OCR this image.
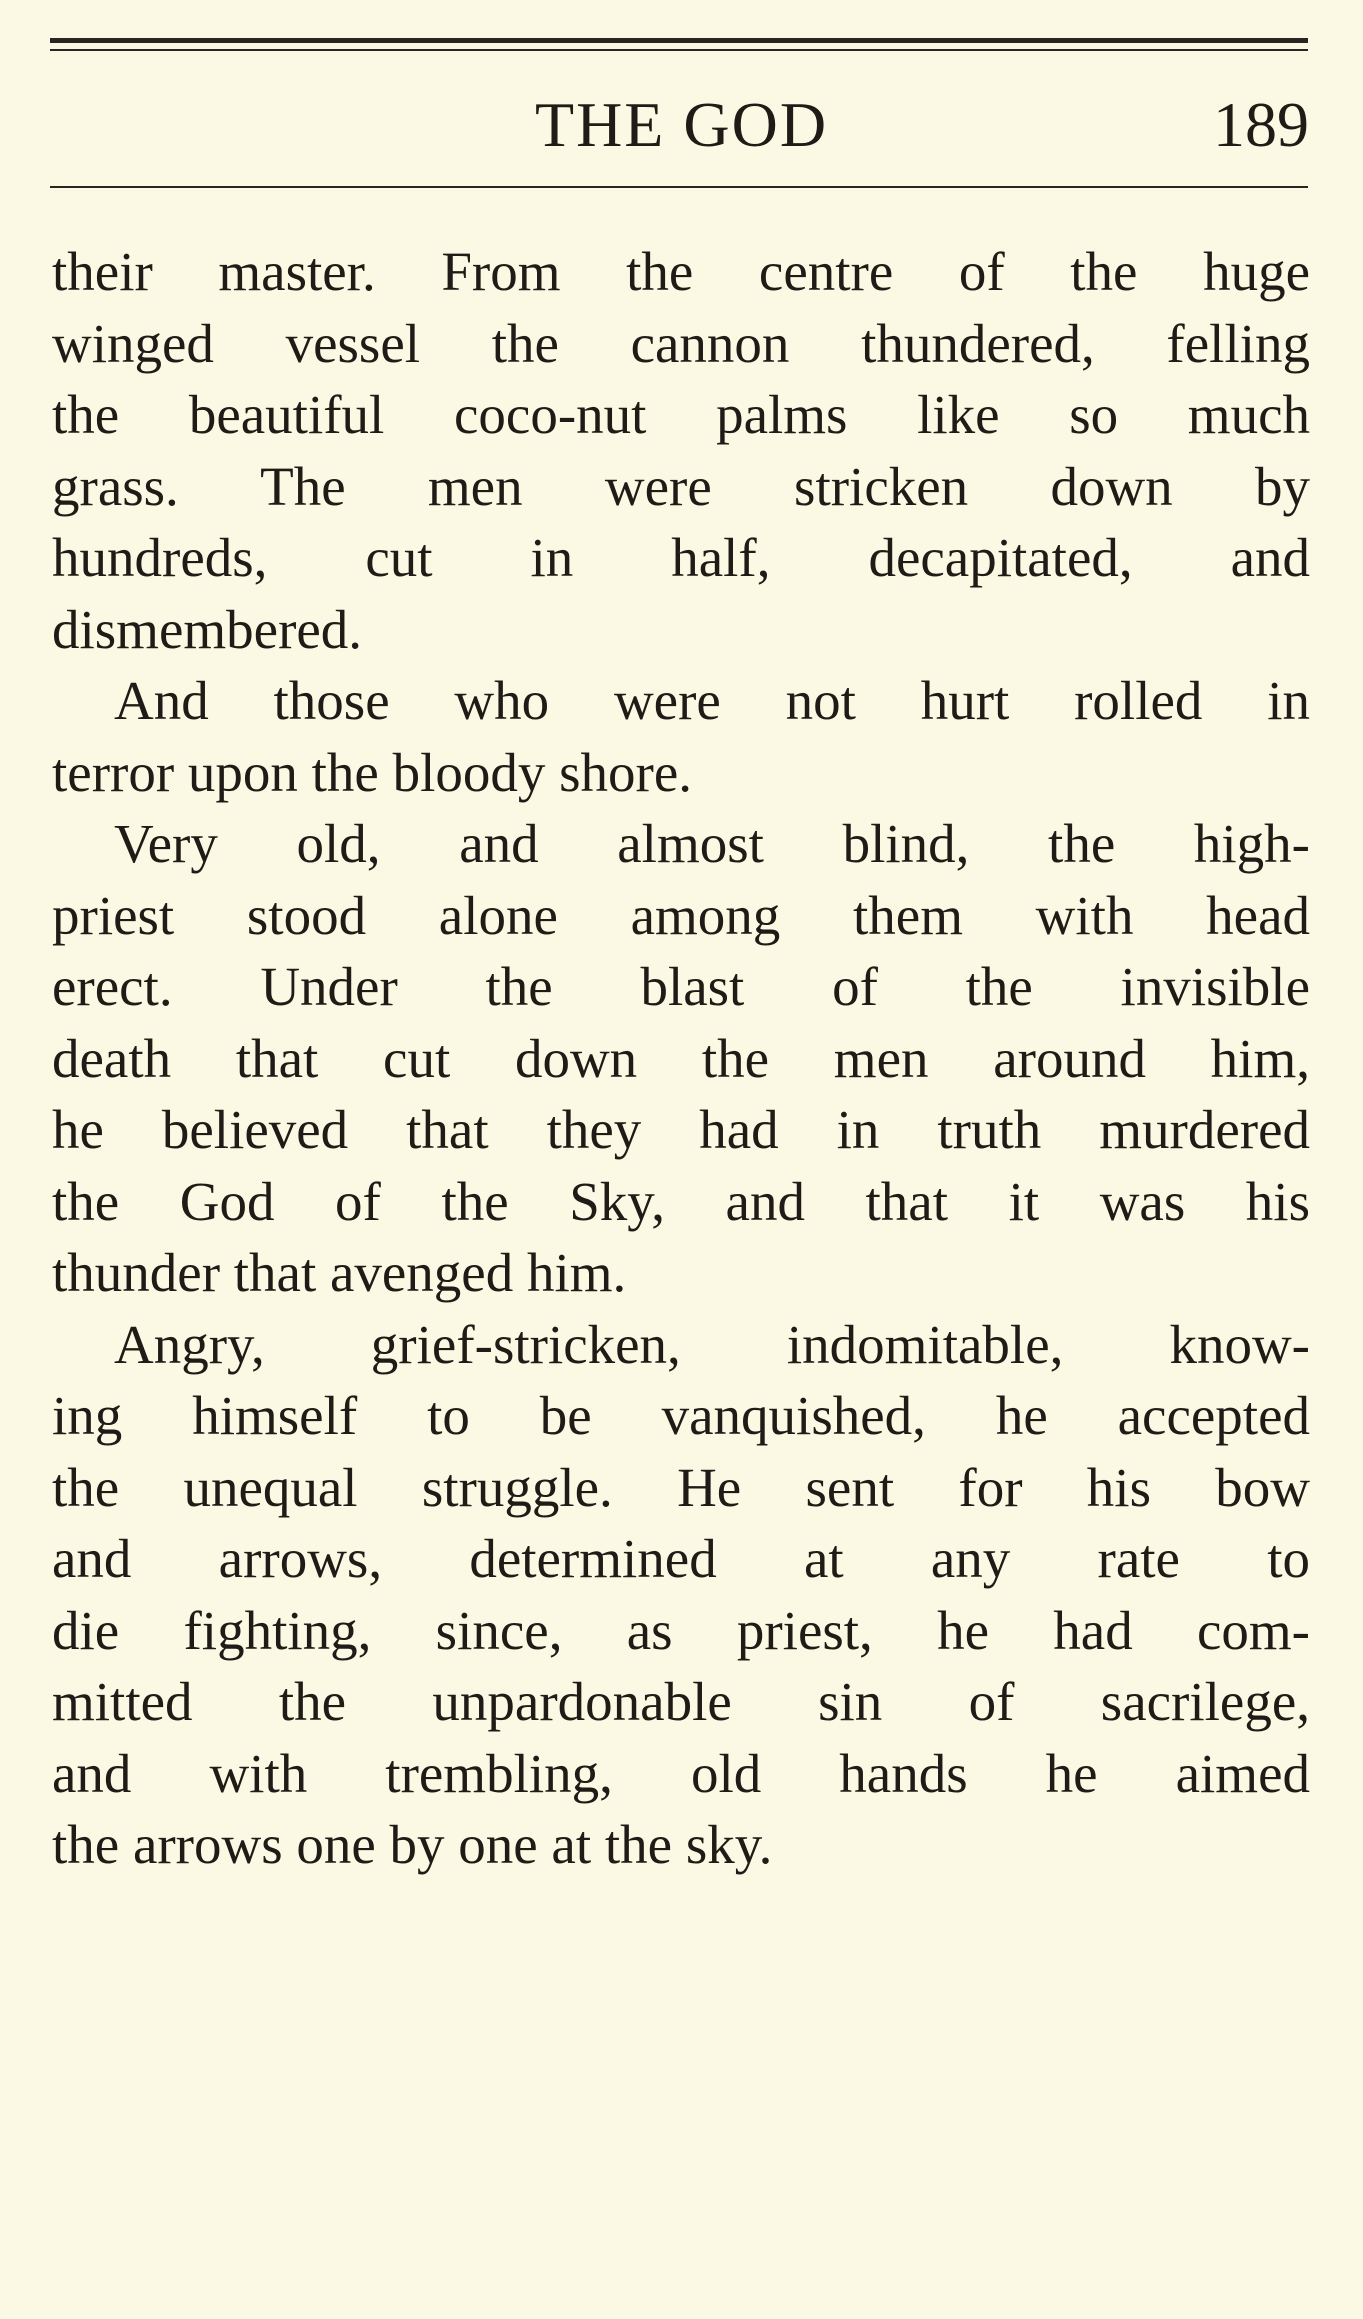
THE GOD	189
their master. From the centre of the huge
winged vessel the cannon thundered, felling
the beautiful coco-nut palms like so much
grass. The men were stricken down by
hundreds, cut in half, decapitated, and
dismembered.
And those who were not hurt rolled in
terror upon the bloody shore.
Very old, and almost blind, the high-
priest stood alone among them with head
erect. Under the blast of the invisible
death that cut down the men around him,
he believed that they had in truth murdered
the God of the Sky, and that it was his
thunder that avenged him.
Angry, grief-stricken, indomitable, know-
ing himself to be vanquished, he accepted
the unequal struggle. He sent for his bow
and arrows, determined at any rate to
die fighting, since, as priest, he had com-
mitted the unpardonable sin of sacrilege,
and with trembling, old hands he aimed
the arrows one by one at the sky.
